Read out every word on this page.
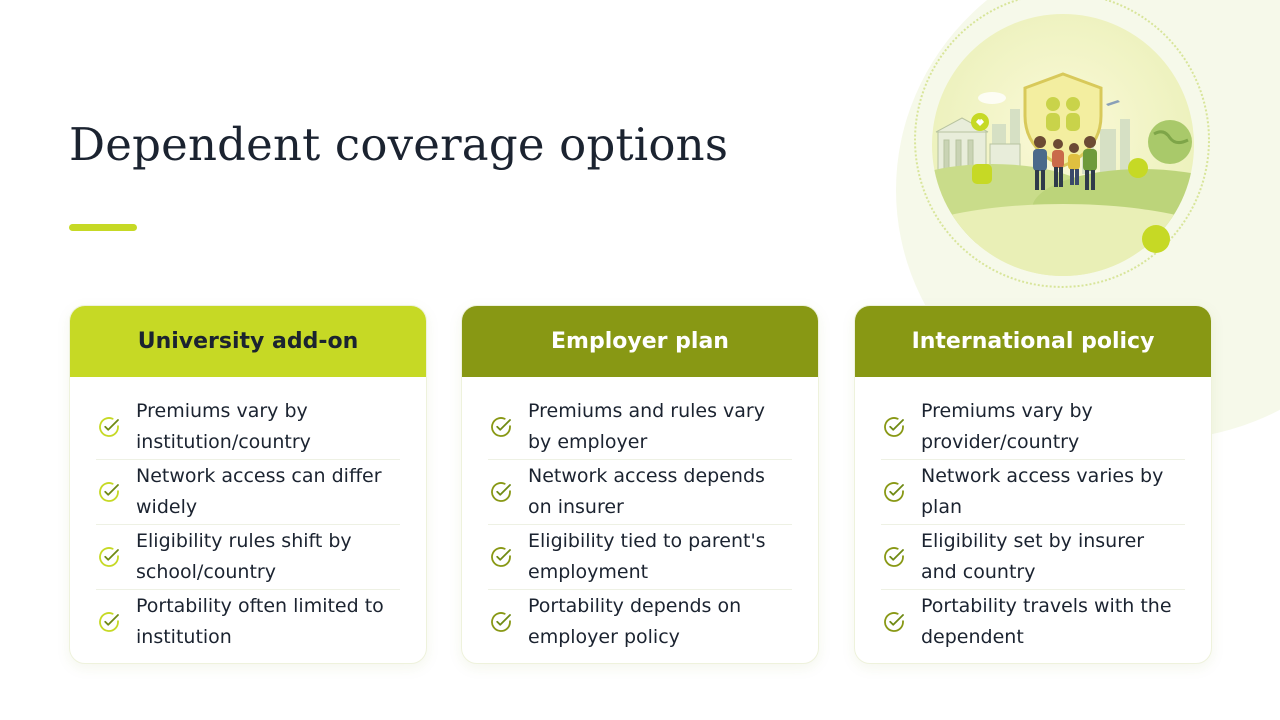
Dependent coverage options
University add-on
Premiums vary by institution/country
Network access can differ widely
Eligibility rules shift by school/country
Portability often limited to institution
Employer plan
Premiums and rules vary by employer
Network access depends on insurer
Eligibility tied to parent's employment
Portability depends on employer policy
International policy
Premiums vary by provider/country
Network access varies by plan
Eligibility set by insurer and country
Portability travels with the dependent
